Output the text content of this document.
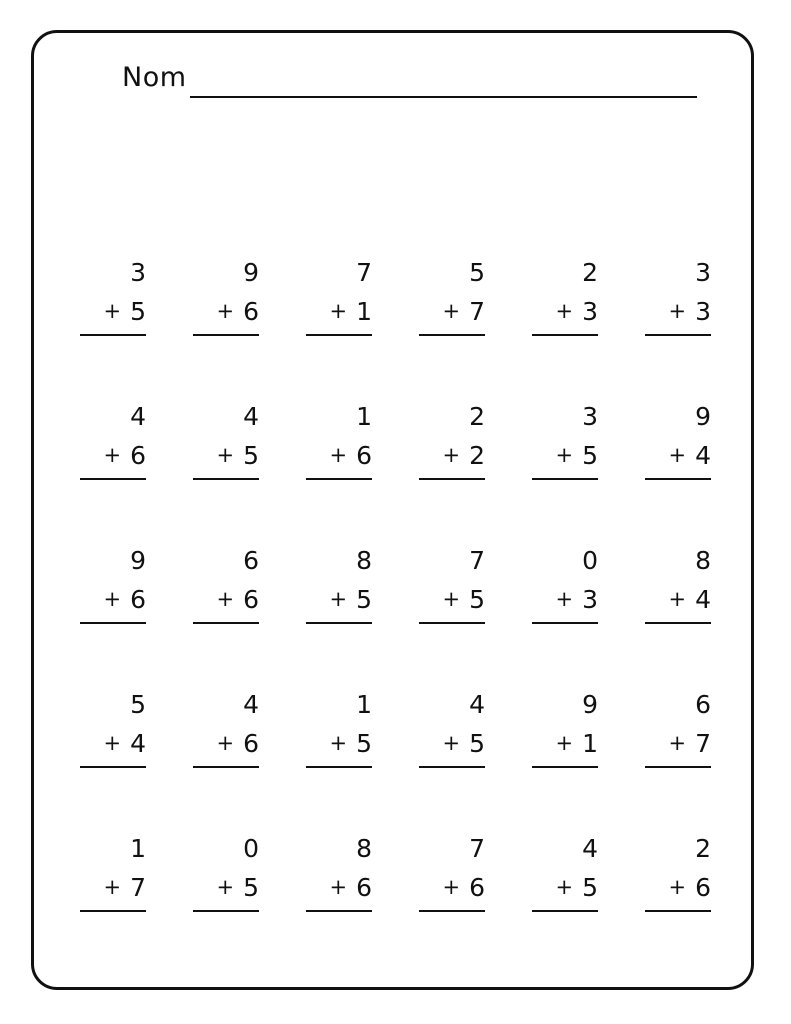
Nom
3
+ 5
9
+ 6
7
+ 1
5
+ 7
2
+ 3
3
+ 3
4
+ 6
4
+ 5
1
+ 6
2
+ 2
3
+ 5
9
+ 4
9
+ 6
6
+ 6
8
+ 5
7
+ 5
0
+ 3
8
+ 4
5
+ 4
4
+ 6
1
+ 5
4
+ 5
9
+ 1
6
+ 7
1
+ 7
0
+ 5
8
+ 6
7
+ 6
4
+ 5
2
+ 6
